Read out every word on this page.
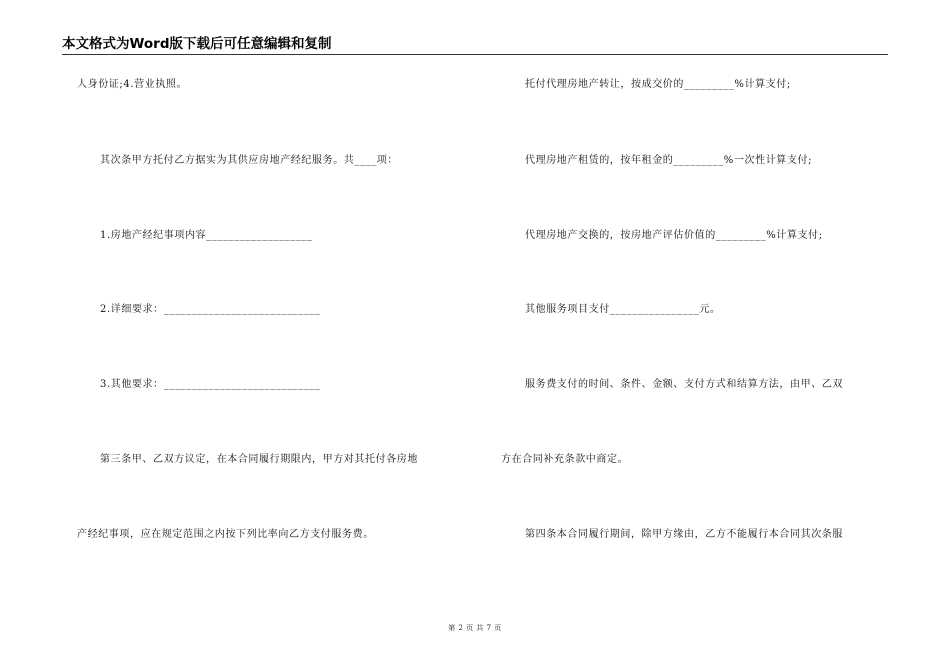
本文格式为Word版下载后可任意编辑和复制
人身份证;4.营业执照。
其次条甲方托付乙方据实为其供应房地产经纪服务。共____项：
1.房地产经纪事项内容___________________
2.详细要求：____________________________
3.其他要求：____________________________
第三条甲、乙双方议定，在本合同履行期限内，甲方对其托付各房地
产经纪事项，应在规定范围之内按下列比率向乙方支付服务费。
托付代理房地产转让，按成交价的_________%计算支付;
代理房地产租赁的，按年租金的_________%一次性计算支付;
代理房地产交换的，按房地产评估价值的_________%计算支付;
其他服务项目支付________________元。
服务费支付的时间、条件、金额、支付方式和结算方法，由甲、乙双
方在合同补充条款中商定。
第四条本合同履行期间，除甲方缘由，乙方不能履行本合同其次条服
第 2 页 共 7 页
